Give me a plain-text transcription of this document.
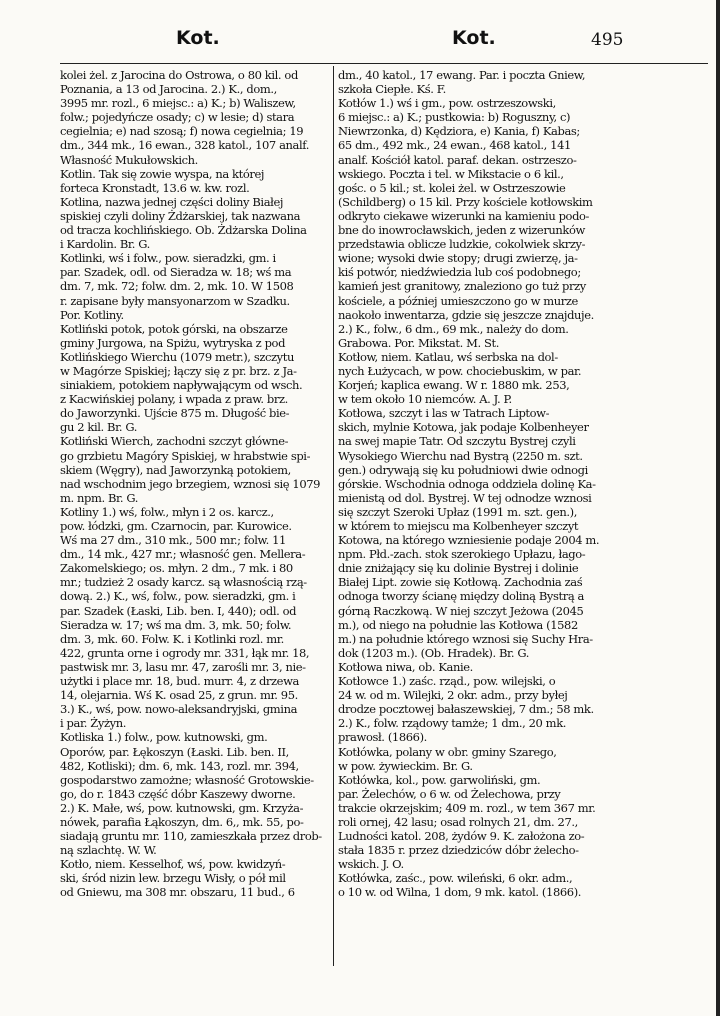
Kot.	Kot.	495
kolei żel. z Jarocina do Ostrowa, o 80 kil. od
Poznania, a 13 od Jarocina. 2.) K., dom.,
3995 mr. rozl., 6 miejsc.: a) K.; b) Waliszew,
folw.; pojedyńcze osady; c) w lesie; d) stara
cegielnia; e) nad szosą; f) nowa cegielnia; 19
dm., 344 mk., 16 ewan., 328 katol., 107 analf.
Własność Mukułowskich.
Kotlin. Tak się zowie wyspa, na której
forteca Kronstadt, 13.6 w. kw. rozl.
Kotlina, nazwa jednej części doliny Białej
spiskiej czyli doliny Żdżarskiej, tak nazwana
od tracza kochlińskiego. Ob. Żdżarska Dolina
i Kardolin. Br. G.
Kotlinki, wś i folw., pow. sieradzki, gm. i
par. Szadek, odl. od Sieradza w. 18; wś ma
dm. 7, mk. 72; folw. dm. 2, mk. 10. W 1508
r. zapisane były mansyonarzom w Szadku.
Por. Kotliny.
Kotliński potok, potok górski, na obszarze
gminy Jurgowa, na Spiżu, wytryska z pod
Kotlińskiego Wierchu (1079 metr.), szczytu
w Magórze Spiskiej; łączy się z pr. brz. z Ja-
siniakiem, potokiem napływającym od wsch.
z Kacwińskiej polany, i wpada z praw. brz.
do Jaworzynki. Ujście 875 m. Długość bie-
gu 2 kil. Br. G.
Kotliński Wierch, zachodni szczyt główne-
go grzbietu Magóry Spiskiej, w hrabstwie spi-
skiem (Węgry), nad Jaworzynką potokiem,
nad wschodnim jego brzegiem, wznosi się 1079
m. npm. Br. G.
Kotliny 1.) wś, folw., młyn i 2 os. karcz.,
pow. łódzki, gm. Czarnocin, par. Kurowice.
Wś ma 27 dm., 310 mk., 500 mr.; folw. 11
dm., 14 mk., 427 mr.; własność gen. Mellera-
Zakomelskiego; os. młyn. 2 dm., 7 mk. i 80
mr.; tudzież 2 osady karcz. są własnością rzą-
dową. 2.) K., wś, folw., pow. sieradzki, gm. i
par. Szadek (Łaski, Lib. ben. I, 440); odl. od
Sieradza w. 17; wś ma dm. 3, mk. 50; folw.
dm. 3, mk. 60. Folw. K. i Kotlinki rozl. mr.
422, grunta orne i ogrody mr. 331, łąk mr. 18,
pastwisk mr. 3, lasu mr. 47, zarośli mr. 3, nie-
użytki i place mr. 18, bud. murr. 4, z drzewa
14, olejarnia. Wś K. osad 25, z grun. mr. 95.
3.) K., wś, pow. nowo-aleksandryjski, gmina
i par. Żyżyn.
Kotliska 1.) folw., pow. kutnowski, gm.
Oporów, par. Łękoszyn (Łaski. Lib. ben. II,
482, Kotliski); dm. 6, mk. 143, rozl. mr. 394,
gospodarstwo zamożne; własność Grotowskie-
go, do r. 1843 część dóbr Kaszewy dworne.
2.) K. Małe, wś, pow. kutnowski, gm. Krzyża-
nówek, parafia Łąkoszyn, dm. 6,, mk. 55, po-
siadają gruntu mr. 110, zamieszkała przez drob-
ną szlachtę. W. W.
Kotło, niem. Kesselhof, wś, pow. kwidzyń-
ski, śród nizin lew. brzegu Wisły, o pół mil
od Gniewu, ma 308 mr. obszaru, 11 bud., 6
dm., 40 katol., 17 ewang. Par. i poczta Gniew,
szkoła Ciepłe. Kś. F.
Kotłów 1.) wś i gm., pow. ostrzeszowski,
6 miejsc.: a) K.; pustkowia: b) Roguszny, c)
Niewrzonka, d) Kędziora, e) Kania, f) Kabas;
65 dm., 492 mk., 24 ewan., 468 katol., 141
analf. Kościół katol. paraf. dekan. ostrzeszo-
wskiego. Poczta i tel. w Mikstacie o 6 kil.,
gośc. o 5 kil.; st. kolei żel. w Ostrzeszowie
(Schildberg) o 15 kil. Przy kościele kotłowskim
odkryto ciekawe wizerunki na kamieniu podo-
bne do inowrocławskich, jeden z wizerunków
przedstawia oblicze ludzkie, cokolwiek skrzy-
wione; wysoki dwie stopy; drugi zwierzę, ja-
kiś potwór, niedźwiedzia lub coś podobnego;
kamień jest granitowy, znaleziono go tuż przy
kościele, a później umieszczono go w murze
naokoło inwentarza, gdzie się jeszcze znajduje.
2.) K., folw., 6 dm., 69 mk., należy do dom.
Grabowa. Por. Mikstat. M. St.
Kotłow, niem. Katlau, wś serbska na dol-
nych Łużycach, w pow. chociebuskim, w par.
Korjeń; kaplica ewang. W r. 1880 mk. 253,
w tem około 10 niemców. A. J. P.
Kotłowa, szczyt i las w Tatrach Liptow-
skich, mylnie Kotowa, jak podaje Kolbenheyer
na swej mapie Tatr. Od szczytu Bystrej czyli
Wysokiego Wierchu nad Bystrą (2250 m. szt.
gen.) odrywają się ku południowi dwie odnogi
górskie. Wschodnia odnoga oddziela dolinę Ka-
mienistą od dol. Bystrej. W tej odnodze wznosi
się szczyt Szeroki Upłaz (1991 m. szt. gen.),
w którem to miejscu ma Kolbenheyer szczyt
Kotowa, na którego wzniesienie podaje 2004 m.
npm. Płd.-zach. stok szerokiego Upłazu, łago-
dnie zniżający się ku dolinie Bystrej i dolinie
Białej Lipt. zowie się Kotłową. Zachodnia zaś
odnoga tworzy ścianę między doliną Bystrą a
górną Raczkową. W niej szczyt Jeżowa (2045
m.), od niego na południe las Kotłowa (1582
m.) na południe którego wznosi się Suchy Hra-
dok (1203 m.). (Ob. Hradek). Br. G.
Kotłowa niwa, ob. Kanie.
Kotłowce 1.) zaśc. rząd., pow. wilejski, o
24 w. od m. Wilejki, 2 okr. adm., przy byłej
drodze pocztowej bałaszewskiej, 7 dm.; 58 mk.
2.) K., folw. rządowy tamże; 1 dm., 20 mk.
prawosł. (1866).
Kotłówka, polany w obr. gminy Szarego,
w pow. żywieckim. Br. G.
Kotłówka, kol., pow. garwoliński, gm.
par. Żelechów, o 6 w. od Żelechowa, przy
trakcie okrzejskim; 409 m. rozl., w tem 367 mr.
roli ornej, 42 lasu; osad rolnych 21, dm. 27.,
Ludności katol. 208, żydów 9. K. założona zo-
stała 1835 r. przez dziedziców dóbr żelecho-
wskich. J. O.
Kotłówka, zaśc., pow. wileński, 6 okr. adm.,
o 10 w. od Wilna, 1 dom, 9 mk. katol. (1866).
